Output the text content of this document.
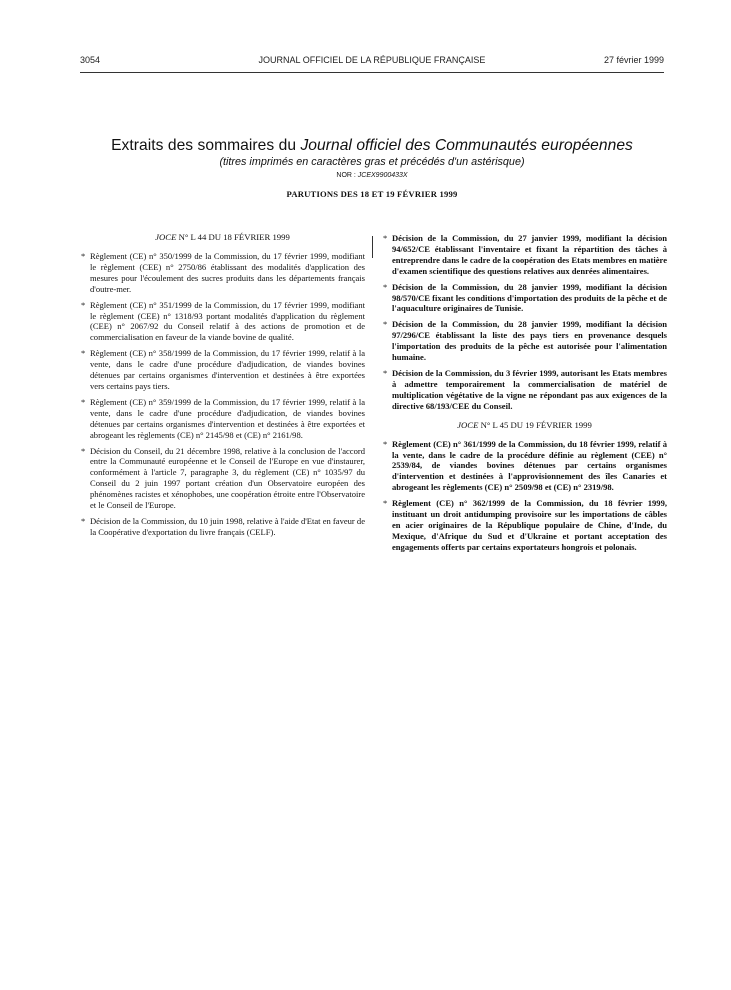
3054	JOURNAL OFFICIEL DE LA RÉPUBLIQUE FRANÇAISE	27 février 1999
Extraits des sommaires du Journal officiel des Communautés européennes
(titres imprimés en caractères gras et précédés d'un astérisque)
NOR : JCEX9900433X
PARUTIONS DES 18 ET 19 FÉVRIER 1999
JOCE N° L 44 DU 18 FÉVRIER 1999
* Règlement (CE) n° 350/1999 de la Commission, du 17 février 1999, modifiant le règlement (CEE) n° 2750/86 établissant des modalités d'application des mesures pour l'écoulement des sucres produits dans les départements français d'outre-mer.
* Règlement (CE) n° 351/1999 de la Commission, du 17 février 1999, modifiant le règlement (CEE) n° 1318/93 portant modalités d'application du règlement (CEE) n° 2067/92 du Conseil relatif à des actions de promotion et de commercialisation en faveur de la viande bovine de qualité.
* Règlement (CE) n° 358/1999 de la Commission, du 17 février 1999, relatif à la vente, dans le cadre d'une procédure d'adjudication, de viandes bovines détenues par certains organismes d'intervention et destinées à être exportées vers certains pays tiers.
* Règlement (CE) n° 359/1999 de la Commission, du 17 février 1999, relatif à la vente, dans le cadre d'une procédure d'adjudication, de viandes bovines détenues par certains organismes d'intervention et destinées à être exportées et abrogeant les règlements (CE) n° 2145/98 et (CE) n° 2161/98.
* Décision du Conseil, du 21 décembre 1998, relative à la conclusion de l'accord entre la Communauté européenne et le Conseil de l'Europe en vue d'instaurer, conformément à l'article 7, paragraphe 3, du règlement (CE) n° 1035/97 du Conseil du 2 juin 1997 portant création d'un Observatoire européen des phénomènes racistes et xénophobes, une coopération étroite entre l'Observatoire et le Conseil de l'Europe.
* Décision de la Commission, du 10 juin 1998, relative à l'aide d'Etat en faveur de la Coopérative d'exportation du livre français (CELF).
* Décision de la Commission, du 27 janvier 1999, modifiant la décision 94/652/CE établissant l'inventaire et fixant la répartition des tâches à entreprendre dans le cadre de la coopération des Etats membres en matière d'examen scientifique des questions relatives aux denrées alimentaires.
* Décision de la Commission, du 28 janvier 1999, modifiant la décision 98/570/CE fixant les conditions d'importation des produits de la pêche et de l'aquaculture originaires de Tunisie.
* Décision de la Commission, du 28 janvier 1999, modifiant la décision 97/296/CE établissant la liste des pays tiers en provenance desquels l'importation des produits de la pêche est autorisée pour l'alimentation humaine.
* Décision de la Commission, du 3 février 1999, autorisant les Etats membres à admettre temporairement la commercialisation de matériel de multiplication végétative de la vigne ne répondant pas aux exigences de la directive 68/193/CEE du Conseil.
JOCE N° L 45 DU 19 FÉVRIER 1999
* Règlement (CE) n° 361/1999 de la Commission, du 18 février 1999, relatif à la vente, dans le cadre de la procédure définie au règlement (CEE) n° 2539/84, de viandes bovines détenues par certains organismes d'intervention et destinées à l'approvisionnement des îles Canaries et abrogeant les règlements (CE) n° 2509/98 et (CE) n° 2319/98.
* Règlement (CE) n° 362/1999 de la Commission, du 18 février 1999, instituant un droit antidumping provisoire sur les importations de câbles en acier originaires de la République populaire de Chine, d'Inde, du Mexique, d'Afrique du Sud et d'Ukraine et portant acceptation des engagements offerts par certains exportateurs hongrois et polonais.
